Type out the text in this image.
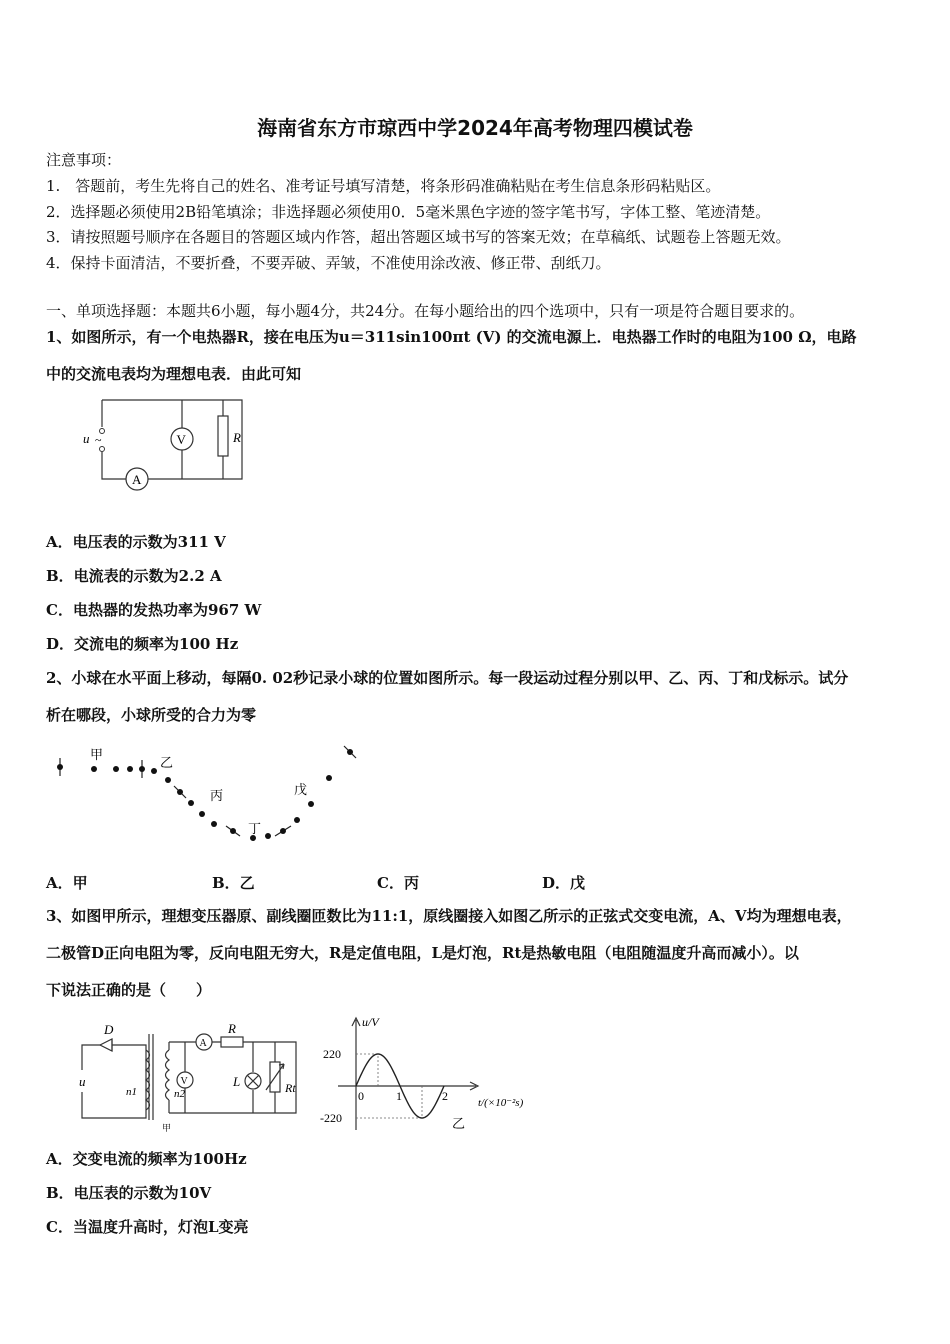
海南省东方市琼西中学2024年高考物理四模试卷
注意事项：
1.　答题前，考生先将自己的姓名、准考证号填写清楚，将条形码准确粘贴在考生信息条形码粘贴区。
2．选择题必须使用2B铅笔填涂；非选择题必须使用0．5毫米黑色字迹的签字笔书写，字体工整、笔迹清楚。
3．请按照题号顺序在各题目的答题区域内作答，超出答题区域书写的答案无效；在草稿纸、试题卷上答题无效。
4．保持卡面清洁，不要折叠，不要弄破、弄皱，不准使用涂改液、修正带、刮纸刀。
一、单项选择题：本题共6小题，每小题4分，共24分。在每小题给出的四个选项中，只有一项是符合题目要求的。
1、如图所示，有一个电热器R，接在电压为u＝311sin100πt (V) 的交流电源上．电热器工作时的电阻为100 Ω，电路
中的交流电表均为理想电表．由此可知
u ~	V
A
R
A．电压表的示数为311 V
B．电流表的示数为2.2 A
C．电热器的发热功率为967 W
D．交流电的频率为100 Hz
2、小球在水平面上移动，每隔0. 02秒记录小球的位置如图所示。每一段运动过程分别以甲、乙、丙、丁和戊标示。试分
析在哪段，小球所受的合力为零
甲
乙
丙
丁
戊
A．甲	B．乙	C．丙	D．戊
3、如图甲所示，理想变压器原、副线圈匝数比为11:1，原线圈接入如图乙所示的正弦式交变电流，A、V均为理想电表，
二极管D正向电阻为零，反向电阻无穷大，R是定值电阻，L是灯泡，Rt是热敏电阻（电阻随温度升高而减小）。以
下说法正确的是（　　）
D
u
n1	n2
A
V
R
L	Rt
甲
u/V
220
-220
0	1	2	t/(×10⁻²s)
乙
A．交变电流的频率为100Hz
B．电压表的示数为10V
C．当温度升高时，灯泡L变亮
